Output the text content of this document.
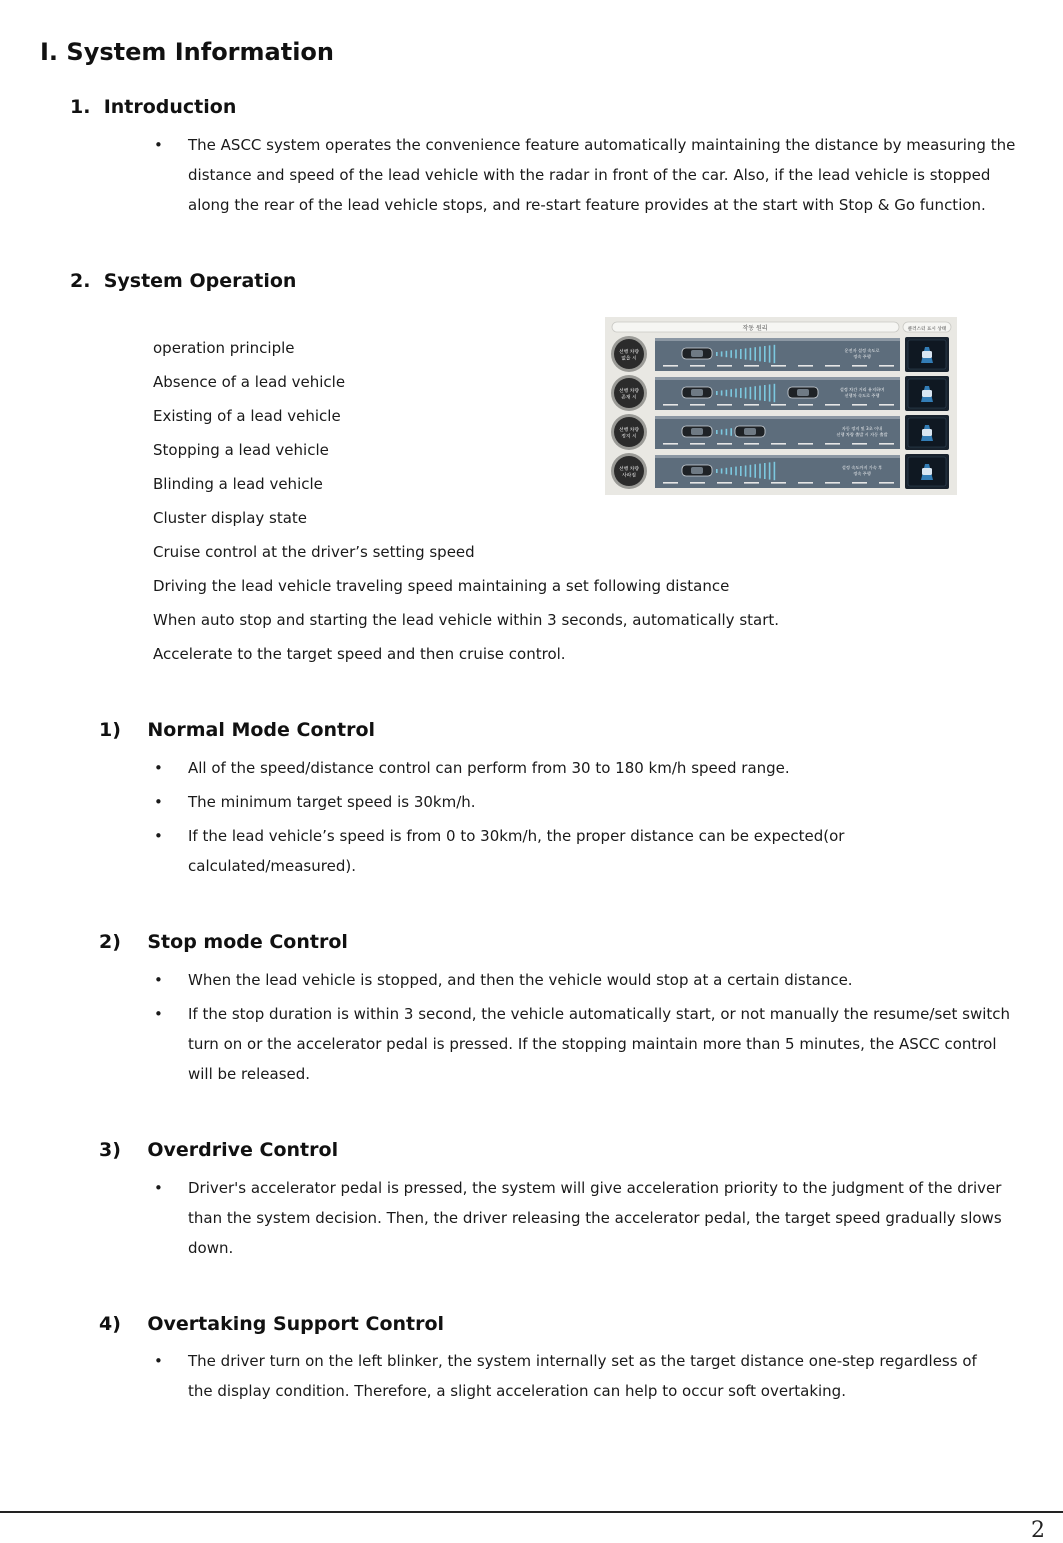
I. System Information
1. Introduction
• The ASCC system operates the convenience feature automatically maintaining the distance by measuring the
distance and speed of the lead vehicle with the radar in front of the car. Also, if the lead vehicle is stopped
along the rear of the lead vehicle stops, and re-start feature provides at the start with Stop & Go function.
2. System Operation
operation principle
Absence of a lead vehicle
Existing of a lead vehicle
Stopping a lead vehicle
Blinding a lead vehicle
Cluster display state
Cruise control at the driver’s setting speed
Driving the lead vehicle traveling speed maintaining a set following distance
When auto stop and starting the lead vehicle within 3 seconds, automatically start.
Accelerate to the target speed and then cruise control.
작동 원리	클러스터 표시 상태
선행 차량
없을 시
운전자 설정 속도로
정속 주행
선행 차량
존재 시
설정 차간 거리 유지하며
선행차 속도로 주행
선행 차량
정지 시
자동 정지 및 3초 이내
선행 차량 출발 시 자동 출발
선행 차량
사라짐
설정 속도까지 가속 후
정속 주행
1) Normal Mode Control
• All of the speed/distance control can perform from 30 to 180 km/h speed range.
• The minimum target speed is 30km/h.
• If the lead vehicle’s speed is from 0 to 30km/h, the proper distance can be expected(or
calculated/measured).
2) Stop mode Control
• When the lead vehicle is stopped, and then the vehicle would stop at a certain distance.
• If the stop duration is within 3 second, the vehicle automatically start, or not manually the resume/set switch
turn on or the accelerator pedal is pressed. If the stopping maintain more than 5 minutes, the ASCC control
will be released.
3) Overdrive Control
• Driver's accelerator pedal is pressed, the system will give acceleration priority to the judgment of the driver
than the system decision. Then, the driver releasing the accelerator pedal, the target speed gradually slows
down.
4) Overtaking Support Control
• The driver turn on the left blinker, the system internally set as the target distance one-step regardless of
the display condition. Therefore, a slight acceleration can help to occur soft overtaking.
2
